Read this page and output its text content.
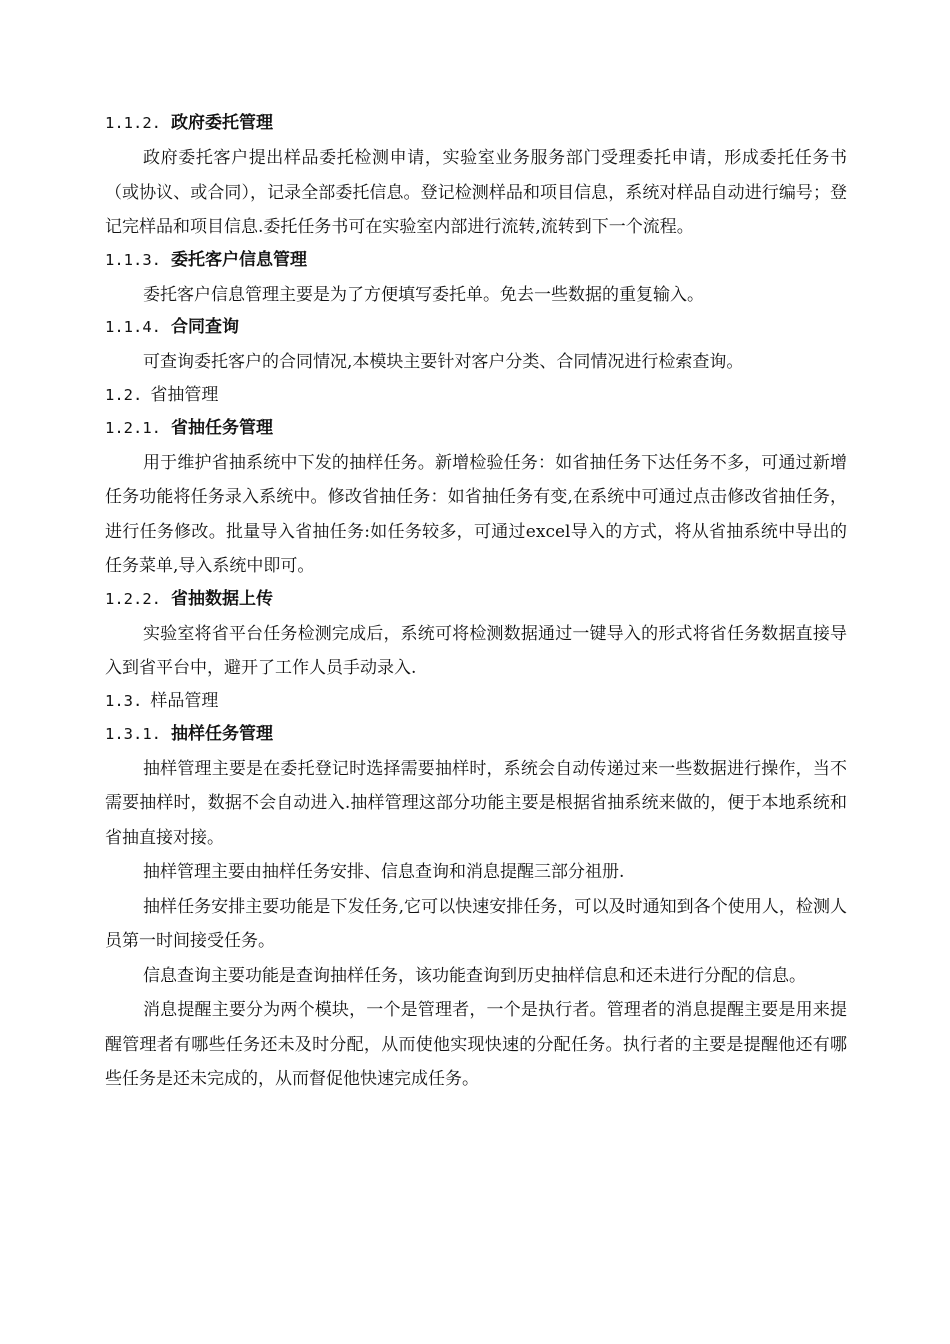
1.1.2. 政府委托管理

政府委托客户提出样品委托检测申请，实验室业务服务部门受理委托申请，形成委托任务书（或协议、或合同），记录全部委托信息。登记检测样品和项目信息，系统对样品自动进行编号；登记完样品和项目信息.委托任务书可在实验室内部进行流转,流转到下一个流程。

1.1.3. 委托客户信息管理

委托客户信息管理主要是为了方便填写委托单。免去一些数据的重复输入。

1.1.4. 合同查询

可查询委托客户的合同情况,本模块主要针对客户分类、合同情况进行检索查询。

1.2. 省抽管理
1.2.1. 省抽任务管理

用于维护省抽系统中下发的抽样任务。新增检验任务：如省抽任务下达任务不多，可通过新增任务功能将任务录入系统中。修改省抽任务：如省抽任务有变,在系统中可通过点击修改省抽任务，进行任务修改。批量导入省抽任务:如任务较多，可通过excel导入的方式，将从省抽系统中导出的任务菜单,导入系统中即可。

1.2.2. 省抽数据上传

实验室将省平台任务检测完成后，系统可将检测数据通过一键导入的形式将省任务数据直接导入到省平台中，避开了工作人员手动录入.

1.3. 样品管理
1.3.1. 抽样任务管理

抽样管理主要是在委托登记时选择需要抽样时，系统会自动传递过来一些数据进行操作，当不需要抽样时，数据不会自动进入.抽样管理这部分功能主要是根据省抽系统来做的，便于本地系统和省抽直接对接。

抽样管理主要由抽样任务安排、信息查询和消息提醒三部分祖册.

抽样任务安排主要功能是下发任务,它可以快速安排任务，可以及时通知到各个使用人，检测人员第一时间接受任务。

信息查询主要功能是查询抽样任务，该功能查询到历史抽样信息和还未进行分配的信息。

消息提醒主要分为两个模块，一个是管理者，一个是执行者。管理者的消息提醒主要是用来提醒管理者有哪些任务还未及时分配，从而使他实现快速的分配任务。执行者的主要是提醒他还有哪些任务是还未完成的，从而督促他快速完成任务。
